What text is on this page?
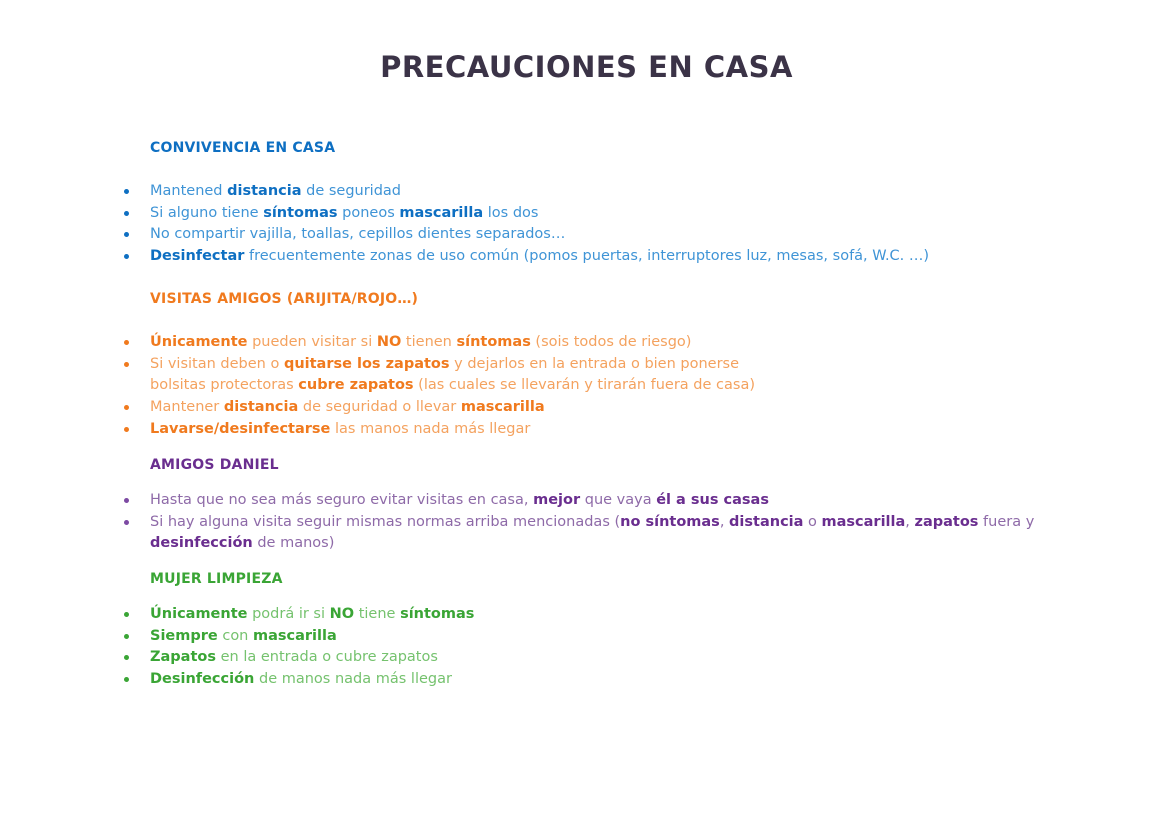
PRECAUCIONES EN CASA
CONVIVENCIA EN CASA
Mantened distancia de seguridad
Si alguno tiene síntomas poneos mascarilla los dos
No compartir vajilla, toallas, cepillos dientes separados…
Desinfectar frecuentemente zonas de uso común (pomos puertas, interruptores luz, mesas, sofá, W.C. …)
VISITAS AMIGOS (ARIJITA/ROJO…)
Únicamente pueden visitar si NO tienen síntomas (sois todos de riesgo)
Si visitan deben o quitarse los zapatos y dejarlos en la entrada o bien ponerse
bolsitas protectoras cubre zapatos (las cuales se llevarán y tirarán fuera de casa)
Mantener distancia de seguridad o llevar mascarilla
Lavarse/desinfectarse las manos nada más llegar
AMIGOS DANIEL
Hasta que no sea más seguro evitar visitas en casa, mejor que vaya él a sus casas
Si hay alguna visita seguir mismas normas arriba mencionadas (no síntomas, distancia o mascarilla, zapatos fuera y
desinfección de manos)
MUJER LIMPIEZA
Únicamente podrá ir si NO tiene síntomas
Siempre con mascarilla
Zapatos en la entrada o cubre zapatos
Desinfección de manos nada más llegar
